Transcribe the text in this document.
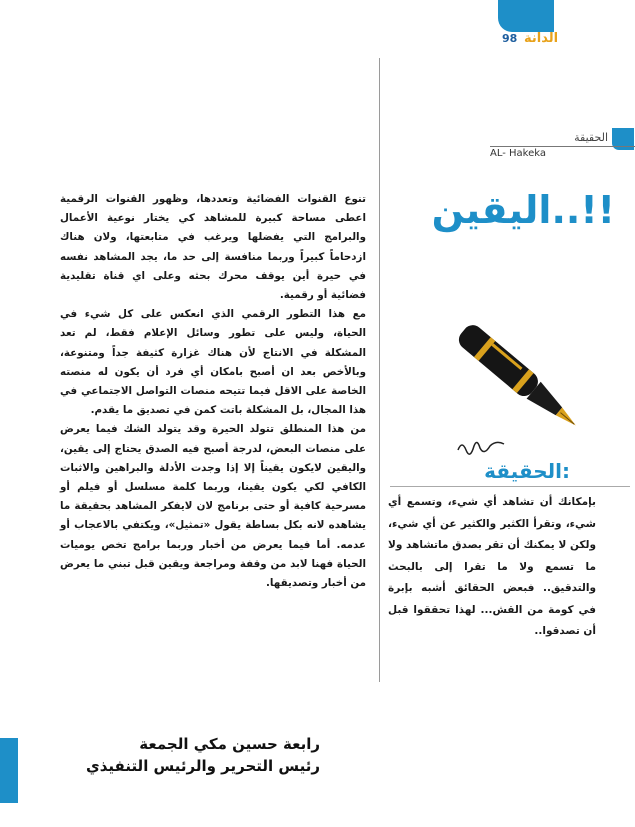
الحقيقة
98 الدانة
الحقيقة
AL- Hakeka
اليقين..!!
الحقيقة:
بإمكانك أن تشاهد أي شيء، وتسمع أي شيء، وتقرأ الكثير والكثير عن أي شيء، ولكن لا يمكنك أن تقر بصدق ماتشاهد ولا ما تسمع ولا ما تقرا إلى بالبحث والتدقيق.. فبعض الحقائق أشبه بإبرة في كومة من القش... لهذا تحققوا قبل أن تصدقوا..

تنوع القنوات الفضائية وتعددها، وظهور القنوات الرقمية اعطى مساحة كبيرة للمشاهد كي يختار نوعية الأعمال والبرامج التي يفضلها ويرغب في متابعتها، ولان هناك ازدحاماً كبيراً وربما منافسة إلى حد ما، يجد المشاهد نفسه في حيرة أين يوقف محرك بحثه وعلى اي قناة تقليدية فضائية أو رقمية.

مع هذا التطور الرقمي الذي انعكس على كل شيء في الحياة، وليس على تطور وسائل الإعلام فقط، لم تعد المشكلة في الانتاج لأن هناك غزارة كثيفة جداً ومتنوعة، وبالأخص بعد ان أصبح بامكان أي فرد أن يكون له منصته الخاصة على الاقل فيما تتيحه منصات التواصل الاجتماعي في هذا المجال، بل المشكلة باتت كمن في تصديق ما يقدم.

من هذا المنطلق تتولد الحيرة وقد يتولد الشك فيما يعرض على منصات البعض، لدرجة أصبح فيه الصدق يحتاج إلى يقين، واليقين لايكون يقيناً إلا إذا وجدت الأدلة والبراهين والاثبات الكافي لكي يكون يقينا، وربما كلمة مسلسل أو فيلم أو مسرحية كافية أو حتى برنامج لان لايفكر المشاهد بحقيقة ما يشاهده لانه بكل بساطة يقول «تمثيل»، ويكتفي بالاعجاب أو عدمه. أما فيما يعرض من أخبار وربما برامج تخص يوميات الحياة فهنا لابد من وقفة ومراجعة ويقين قبل تبني ما يعرض من أخبار وتصديقها.

رابعة حسين مكي الجمعة
رئيس التحرير والرئيس التنفيذي
